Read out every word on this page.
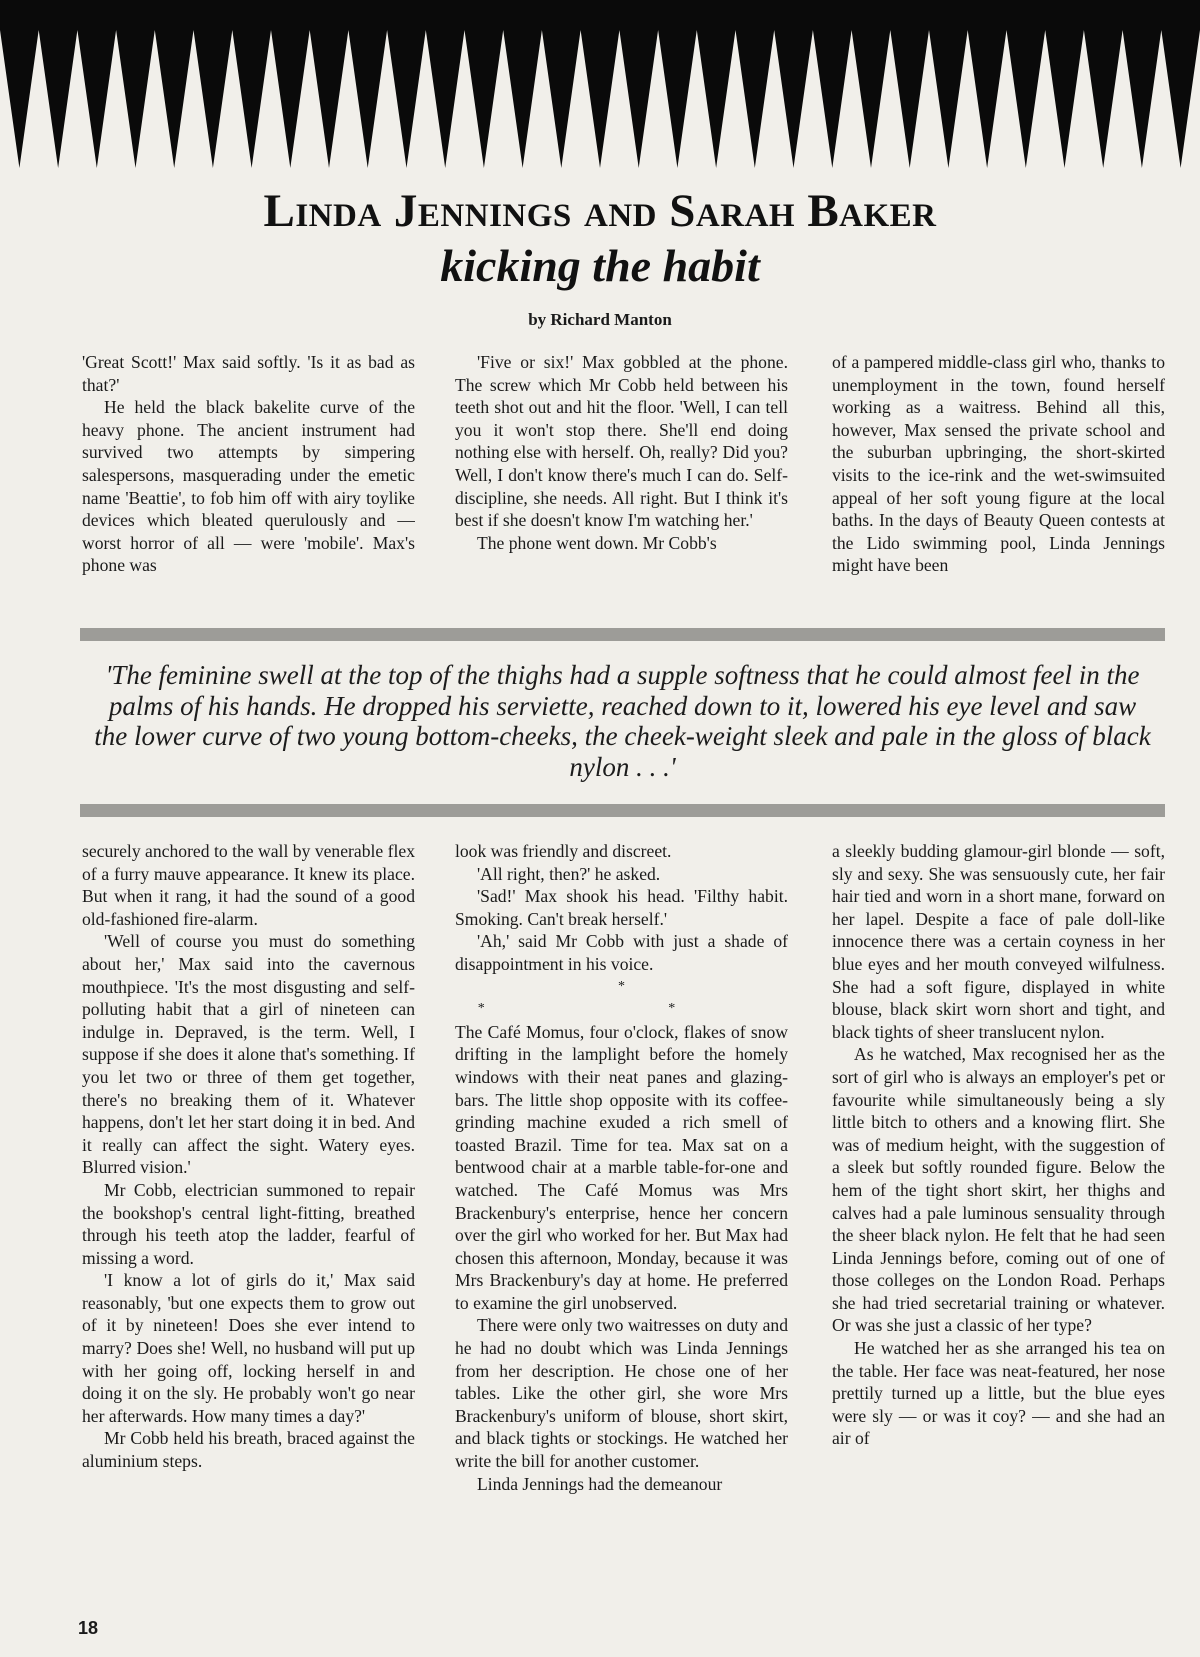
Linda Jennings and Sarah Baker
kicking the habit

by Richard Manton

'Great Scott!' Max said softly. 'Is it as bad as that?'

He held the black bakelite curve of the heavy phone. The ancient instrument had survived two attempts by simpering salespersons, masquerading under the emetic name 'Beattie', to fob him off with airy toylike devices which bleated querulously and — worst horror of all — were 'mobile'. Max's phone was

'Five or six!' Max gobbled at the phone. The screw which Mr Cobb held between his teeth shot out and hit the floor. 'Well, I can tell you it won't stop there. She'll end doing nothing else with herself. Oh, really? Did you? Well, I don't know there's much I can do. Self-discipline, she needs. All right. But I think it's best if she doesn't know I'm watching her.'

The phone went down. Mr Cobb's

of a pampered middle-class girl who, thanks to unemployment in the town, found herself working as a waitress. Behind all this, however, Max sensed the private school and the suburban upbringing, the short-skirted visits to the ice-rink and the wet-swimsuited appeal of her soft young figure at the local baths. In the days of Beauty Queen contests at the Lido swimming pool, Linda Jennings might have been

'The feminine swell at the top of the thighs had a supple softness that he could almost feel in the palms of his hands. He dropped his serviette, reached down to it, lowered his eye level and saw the lower curve of two young bottom-cheeks, the cheek-weight sleek and pale in the gloss of black nylon . . .'

securely anchored to the wall by venerable flex of a furry mauve appearance. It knew its place. But when it rang, it had the sound of a good old-fashioned fire-alarm.

'Well of course you must do something about her,' Max said into the cavernous mouthpiece. 'It's the most disgusting and self-polluting habit that a girl of nineteen can indulge in. Depraved, is the term. Well, I suppose if she does it alone that's something. If you let two or three of them get together, there's no breaking them of it. Whatever happens, don't let her start doing it in bed. And it really can affect the sight. Watery eyes. Blurred vision.'

Mr Cobb, electrician summoned to repair the bookshop's central light-fitting, breathed through his teeth atop the ladder, fearful of missing a word.

'I know a lot of girls do it,' Max said reasonably, 'but one expects them to grow out of it by nineteen! Does she ever intend to marry? Does she! Well, no husband will put up with her going off, locking herself in and doing it on the sly. He probably won't go near her afterwards. How many times a day?'

Mr Cobb held his breath, braced against the aluminium steps.

look was friendly and discreet.

'All right, then?' he asked.

'Sad!' Max shook his head. 'Filthy habit. Smoking. Can't break herself.'

'Ah,' said Mr Cobb with just a shade of disappointment in his voice.

* * *

The Café Momus, four o'clock, flakes of snow drifting in the lamplight before the homely windows with their neat panes and glazing-bars. The little shop opposite with its coffee-grinding machine exuded a rich smell of toasted Brazil. Time for tea. Max sat on a bentwood chair at a marble table-for-one and watched. The Café Momus was Mrs Brackenbury's enterprise, hence her concern over the girl who worked for her. But Max had chosen this afternoon, Monday, because it was Mrs Brackenbury's day at home. He preferred to examine the girl unobserved.

There were only two waitresses on duty and he had no doubt which was Linda Jennings from her description. He chose one of her tables. Like the other girl, she wore Mrs Brackenbury's uniform of blouse, short skirt, and black tights or stockings. He watched her write the bill for another customer.

Linda Jennings had the demeanour

a sleekly budding glamour-girl blonde — soft, sly and sexy. She was sensuously cute, her fair hair tied and worn in a short mane, forward on her lapel. Despite a face of pale doll-like innocence there was a certain coyness in her blue eyes and her mouth conveyed wilfulness. She had a soft figure, displayed in white blouse, black skirt worn short and tight, and black tights of sheer translucent nylon.

As he watched, Max recognised her as the sort of girl who is always an employer's pet or favourite while simultaneously being a sly little bitch to others and a knowing flirt. She was of medium height, with the suggestion of a sleek but softly rounded figure. Below the hem of the tight short skirt, her thighs and calves had a pale luminous sensuality through the sheer black nylon. He felt that he had seen Linda Jennings before, coming out of one of those colleges on the London Road. Perhaps she had tried secretarial training or whatever. Or was she just a classic of her type?

He watched her as she arranged his tea on the table. Her face was neat-featured, her nose prettily turned up a little, but the blue eyes were sly — or was it coy? — and she had an air of

18
